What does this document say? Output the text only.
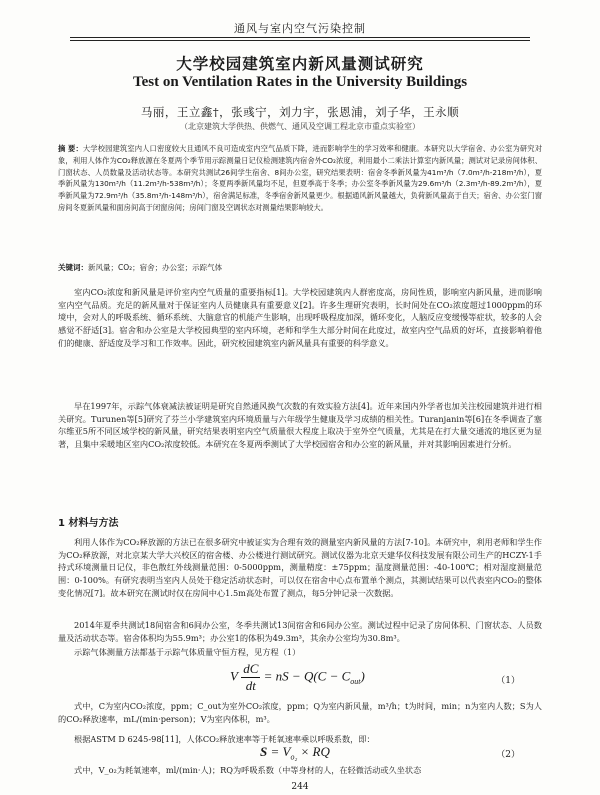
通风与室内空气污染控制
大学校园建筑室内新风量测试研究
Test on Ventilation Rates in the University Buildings
马丽，王立鑫†，张彧宁，刘力宇，张恩浦，刘子华，王永顺
（北京建筑大学供热、供燃气、通风及空调工程北京市重点实验室）
摘 要：大学校园建筑室内人口密度较大且通风不良可造成室内空气品质下降，进而影响学生的学习效率和健康。本研究以大学宿舍、办公室为研究对象，利用人体作为CO₂释放源在冬夏两个季节用示踪测量日记仪检测建筑内宿舍外CO₂浓度，利用最小二乘法计算室内新风量；测试对记录房间体积、门窗状态、人员数量及活动状态等。本研究共测试26间学生宿舍、8间办公室，研究结果表明：宿舍冬季新风量为41m³/h（7.0m³/h-218m³/h），夏季新风量为130m³/h（11.2m³/h-538m³/h）；冬夏两季新风量均不足，但夏季高于冬季；办公室冬季新风量为29.6m³/h（2.3m³/h-89.2m³/h），夏季新风量为72.9m³/h（35.8m³/h-148m³/h），宿舍满足标准，冬季宿舍新风量更少。根据通风新风量越大，负荷新风量高于自天；宿舍、办公室门窗房间冬夏新风量和面房间高于闭窗房间；房间门窗及空调状态对测量结果影响较大。
关键词：新风量；CO₂；宿舍；办公室；示踪气体
室内CO₂浓度和新风量是评价室内空气质量的重要指标[1]。大学校园建筑内人群密度高，房间性质，影响室内新风量，进而影响室内空气品质。充足的新风量对于保证室内人员健康具有重要意义[2]。许多生理研究表明，长时间处在CO₂浓度超过1000ppm的环境中，会对人的呼吸系统、循环系统、大脑意官的机能产生影响，出现呼吸程度加深，循环变化，人脑反应变缓慢等症状，较多的人会感觉不舒适[3]。宿舍和办公室是大学校园典型的室内环境，老师和学生大部分时间在此度过，故室内空气品质的好坏，直接影响着他们的健康、舒适度及学习和工作效率。因此，研究校园建筑室内新风量具有重要的科学意义。
早在1997年，示踪气体衰减法被证明是研究自然通风换气次数的有效实验方法[4]。近年来国内外学者也加关注校园建筑并进行相关研究。Turunen等[5]研究了芬兰小学建筑室内环境质量与六年级学生健康及学习成绩的相关性。Turanjanin等[6]在冬季调查了塞尔维亚5所不同区域学校的新风量，研究结果表明室内空气质量很大程度上取决于室外空气质量，尤其是在打大量交通流的地区更为显著，且集中采暖地区室内CO₂浓度较低。本研究在冬夏两季测试了大学校园宿舍和办公室的新风量，并对其影响因素进行分析。
1 材料与方法
利用人体作为CO₂释放源的方法已在很多研究中被证实为合理有效的测量室内新风量的方法[7-10]。本研究中，利用老师和学生作为CO₂释放源，对北京某大学大兴校区的宿舍楼、办公楼进行测试研究。测试仪器为北京天建华仪科技发展有限公司生产的HCZY-1手持式环境测量日记仪，非色散红外线测量范围：0-5000ppm，测量精度：±75ppm；温度测量范围：-40-100℃；相对湿度测量范围：0-100%。有研究表明当室内人员处于稳定活动状态时，可以仅在宿舍中心点布置单个测点，其测试结果可以代表室内CO₂的整体变化情况[7]。故本研究在测试时仅在房间中心1.5m高处布置了测点，每5分钟记录一次数据。
2014年夏季共测试18间宿舍和6间办公室，冬季共测试13间宿舍和6间办公室。测试过程中记录了房间体积、门窗状态、人员数量及活动状态等。宿舍体积均为55.9m³；办公室1的体积为49.3m³，其余办公室均为30.8m³。
示踪气体测量方法都基于示踪气体质量守恒方程，见方程（1）
V $\frac{dC}{dt}$ = nS − $Q(C - C_{out})$	（1）
式中，C为室内CO₂浓度，ppm；C_out为室外CO₂浓度，ppm；Q为室内新风量，m³/h；t为时间，min；n为室内人数；S为人的CO₂释放速率，mL/(min·person)；V为室内体积，m³。
根据ASTM D 6245-98[11]，人体CO₂释放速率等于耗氧速率乘以呼吸系数，即：
$S = V_{o_2}$ × RQ	（2）
式中，V_o₂为耗氧速率，ml/(min·人)；RQ为呼吸系数（中等身材的人，在轻微活动或久坐状态
244
